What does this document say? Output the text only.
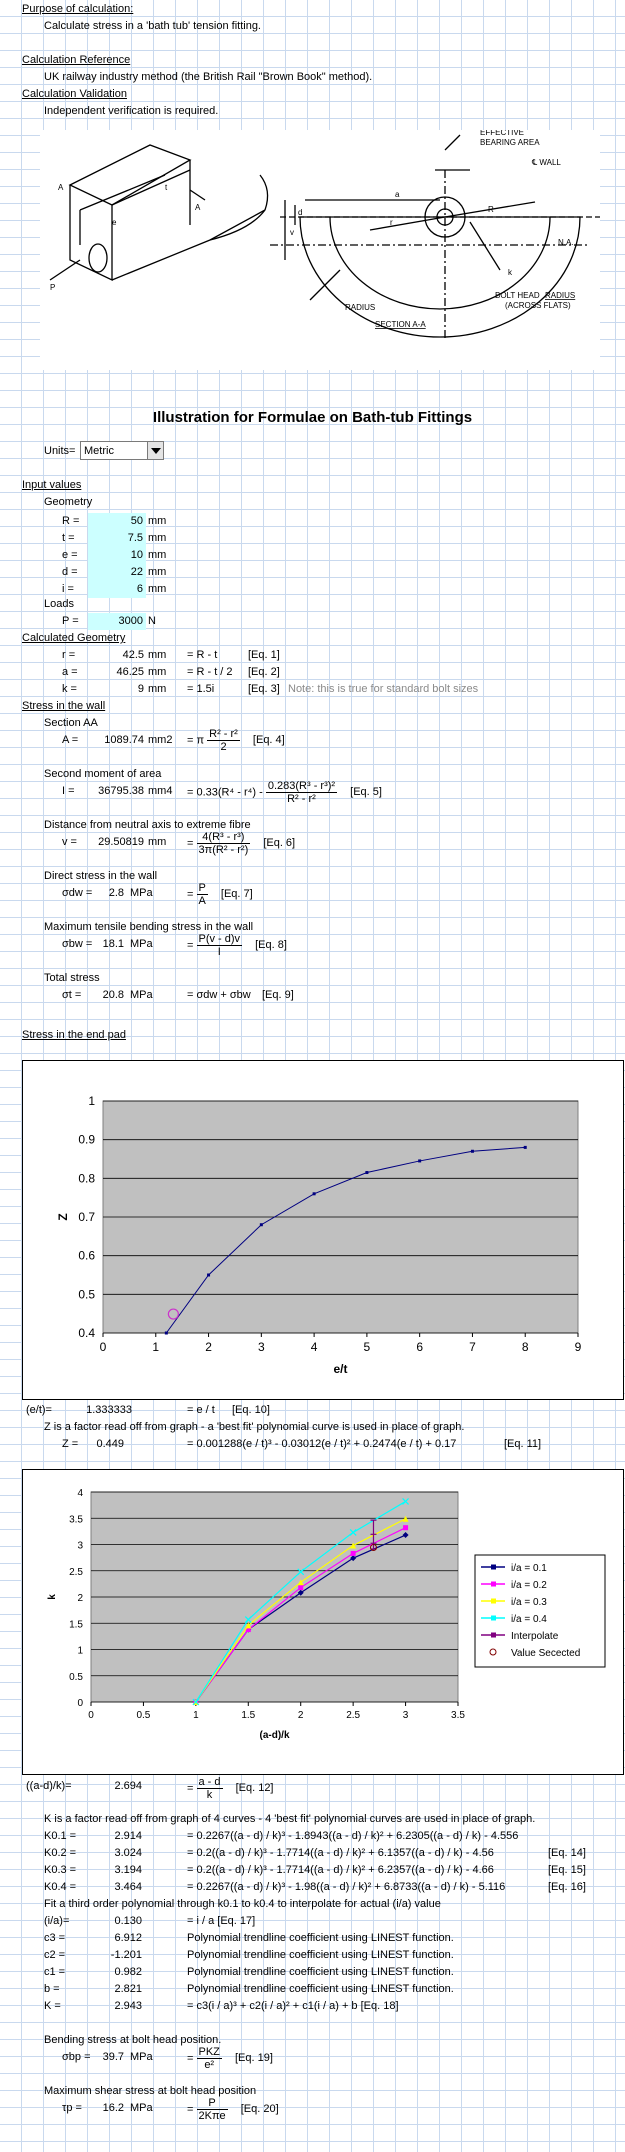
Purpose of calculation:
Calculate stress in a 'bath tub' tension fitting.
Calculation Reference
UK railway industry method (the British Rail "Brown Book" method).
Calculation Validation
Independent verification is required.
EFFECTIVE
BEARING AREA
℄ WALL
N.A.
RADIUS
BOLT HEAD RADIUS
(ACROSS FLATS)
SECTION A-A
a
r
R
v
d
k
t
e
A
A
P
Illustration for Formulae on Bath-tub Fittings
Units= Metric
Input values
Geometry
R =	50 mm
t =	7.5 mm
e =	10 mm
d =	22 mm
i =	6 mm
Loads
P =	3000 N
Calculated Geometry
r =	42.5 mm = R - t	[Eq. 1]
a =	46.25 mm = R - t / 2 [Eq. 2]
k =	9 mm = 1.5i	[Eq. 3] Note: this is true for standard bolt sizes
Stress in the wall
Section AA
A =	1089.74 mm2 = π $\frac{\text{R² - r²}}{2} [Eq$. 4]
Second moment of area
I =	36795.38 $mm4 = 0.33(R^4 - r^4) - \frac{\text{0.283(R³ - r³)²}}{\text{R² - r²}} [Eq$. 5]
Distance from neutral axis to extreme fibre
v =	29.50819 mm = $\frac{\text{4(R³ - r³)}}{\text{3π(R² - r²)}} [Eq$. 6]
Direct stress in the wall
σdw =	2.8 MPa	= $\frac{P}{A} [Eq$. 7]
Maximum tensile bending stress in the wall
σbw = 18.1 MPa	= $\frac{P(v - d)v}{I} [Eq$. 8]
Total stress
σt =	20.8 MPa	= σdw + σbw [Eq. 9]
Stress in the end pad
0.4
0.5
0.6
0.7
0.8
0.9
1
0	1	2	3	4	5	6	7	8	9
e/t
Z
(e/t)=	1.333333	= e / t [Eq. 10]
Z is a factor read off from graph - a 'best fit' polynomial curve is used in place of graph.
Z =	0.449	= 0.001288(e / t)³ - 0.03012(e / t)² + 0.2474(e / t) + 0.17	[Eq. 11]
0
0.5
1
1.5
2
2.5
3
3.5
4
0	0.5	1	1.5	2	2.5	3	3.5
(a-d)/k
k
i/a = 0.1
i/a = 0.2
i/a = 0.3
i/a = 0.4
Interpolate
Value Secected
((a-d)/k)=	2.694	= $\frac{a - d}{k} [Eq$. 12]
K is a factor read off from graph of 4 curves - 4 'best fit' polynomial curves are used in place of graph.
K0.1 =	2.914	= 0.2267((a - d) / k)³ - 1.8943((a - d) / k)² + 6.2305((a - d) / k) - 4.556
K0.2 =	3.024	= 0.2((a - d) / k)³ - 1.7714((a - d) / k)² + 6.1357((a - d) / k) - 4.56	[Eq. 14]
K0.3 =	3.194	= 0.2((a - d) / k)³ - 1.7714((a - d) / k)² + 6.2357((a - d) / k) - 4.66	[Eq. 15]
K0.4 =	3.464	= 0.2267((a - d) / k)³ - 1.98((a - d) / k)² + 6.8733((a - d) / k) - 5.116	[Eq. 16]
Fit a third order polynomial through k0.1 to k0.4 to interpolate for actual (i/a) value
(i/a)=	0.130	= i / a [Eq. 17]
c3 =	6.912	Polynomial trendline coefficient using LINEST function.
c2 =	-1.201	Polynomial trendline coefficient using LINEST function.
c1 =	0.982	Polynomial trendline coefficient using LINEST function.
b =	2.821	Polynomial trendline coefficient using LINEST function.
K =	2.943	= c3(i / a)³ + c2(i / a)² + c1(i / a) + b [Eq. 18]
Bending stress at bolt head position.
σbp =	39.7 MPa	= $\frac{\text{PKZ}}{\text{e²}} [Eq$. 19]
Maximum shear stress at bolt head position
τp =	16.2 MPa	= $\frac{P}{\text{2Kπe}} [Eq$. 20]
